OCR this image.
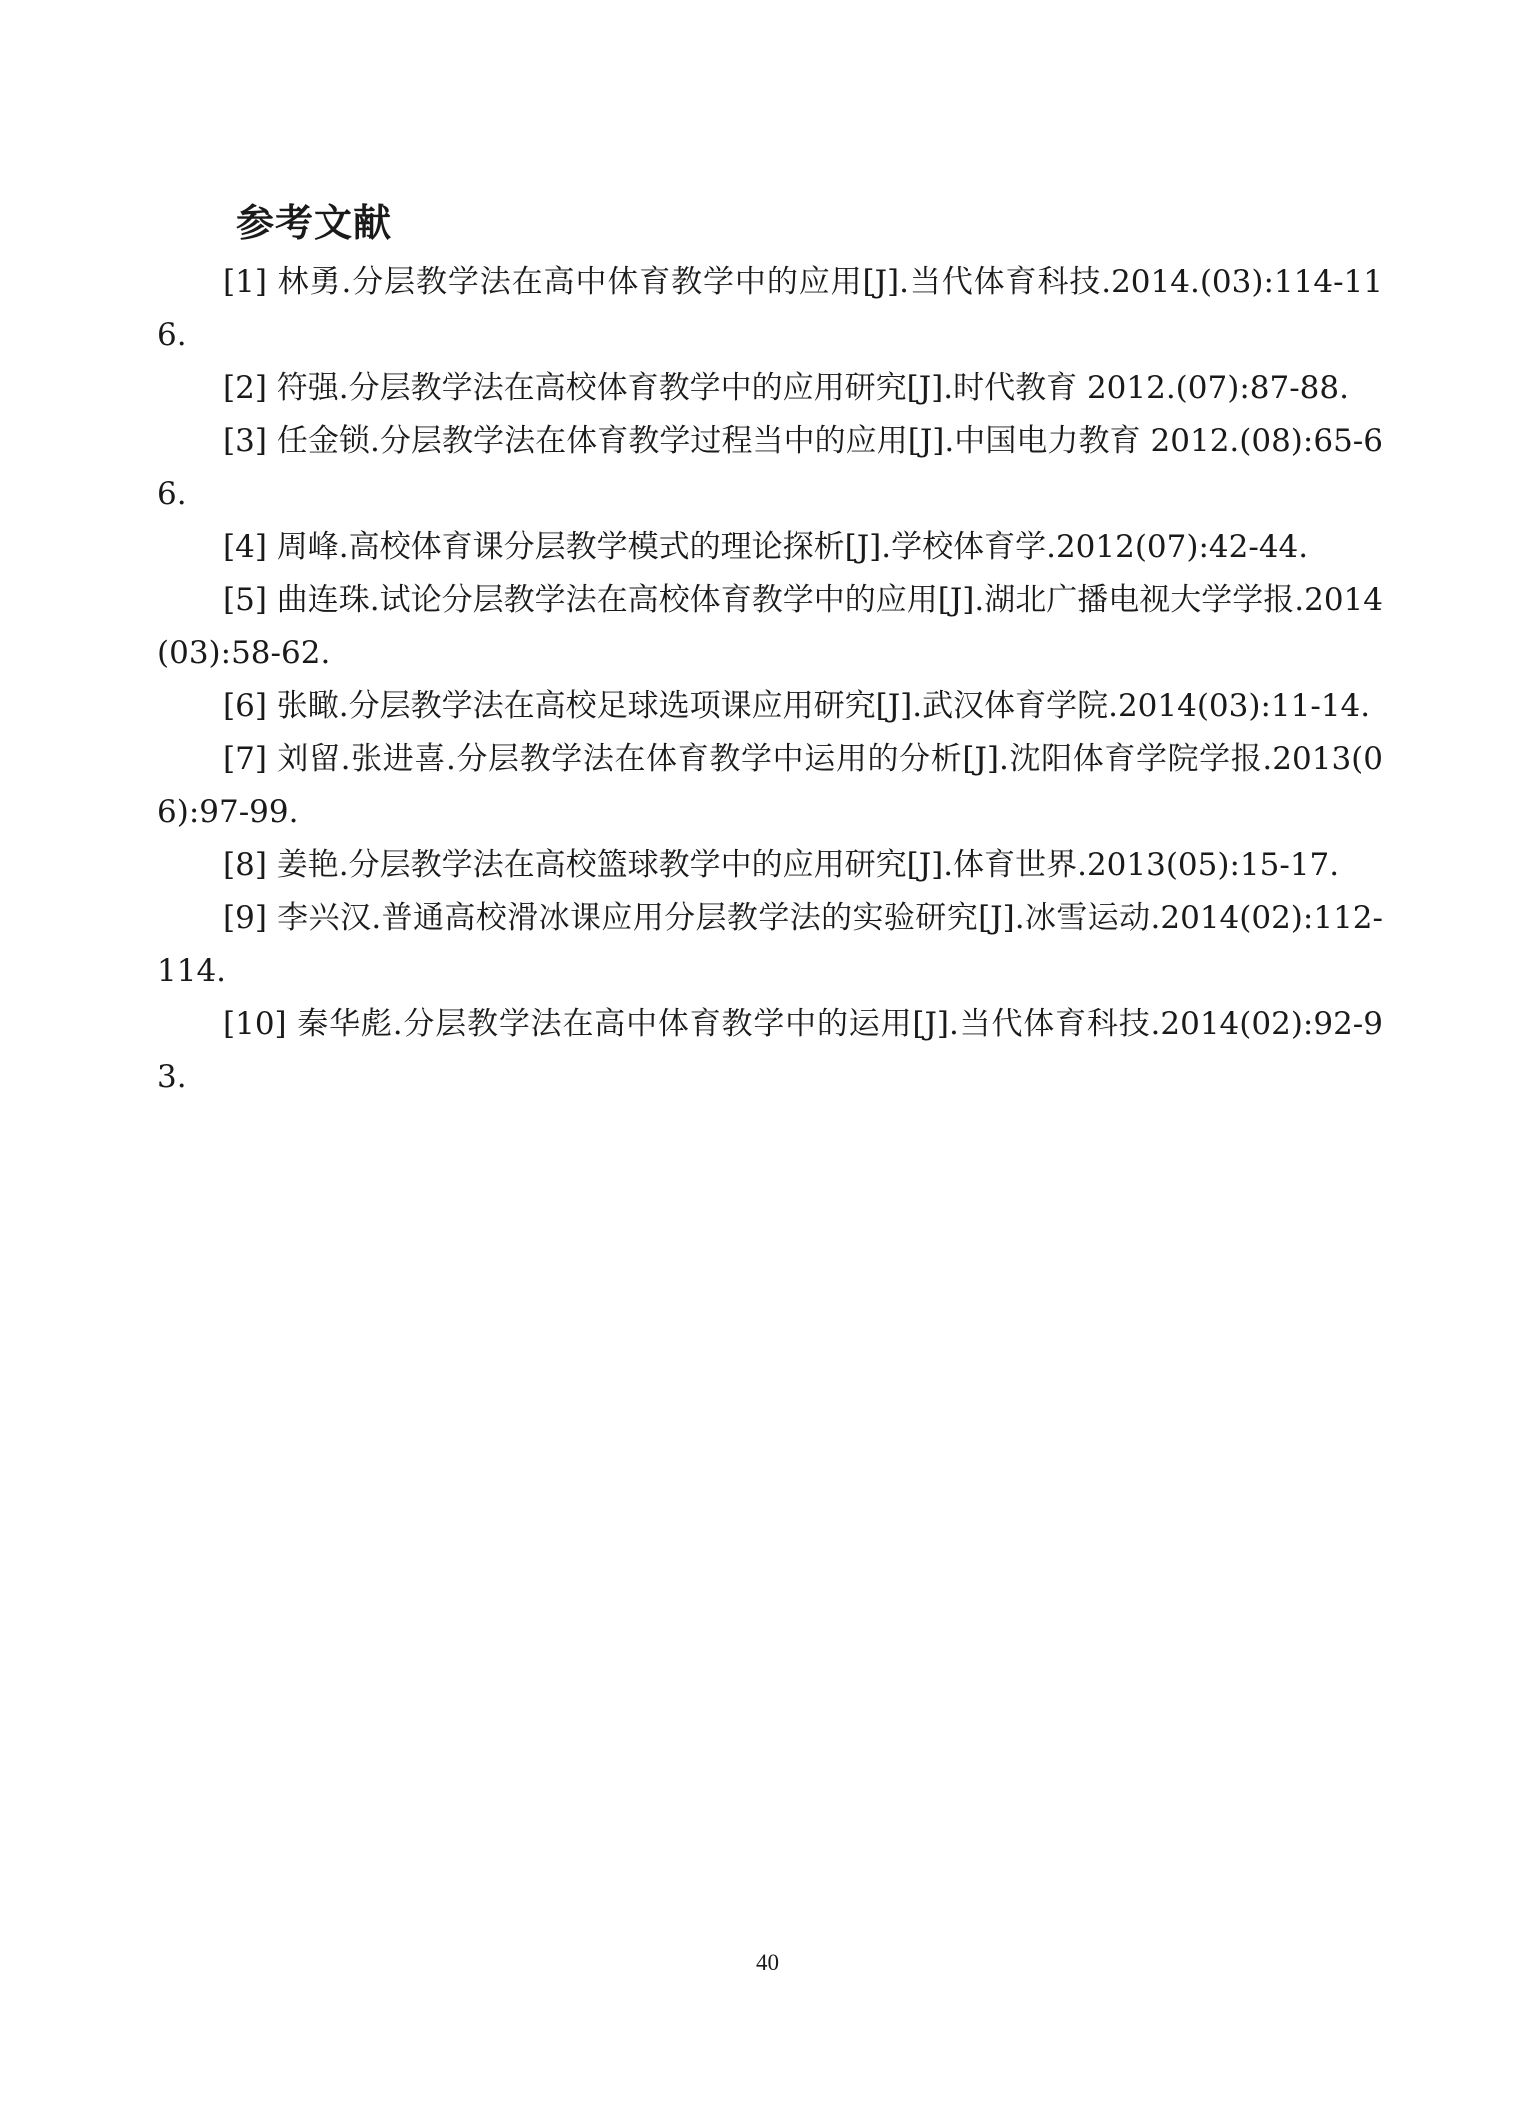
参考文献
[1] 林勇.分层教学法在高中体育教学中的应用[J].当代体育科技.2014.(03):114-116.
[2] 符强.分层教学法在高校体育教学中的应用研究[J].时代教育 2012.(07):87-88.
[3] 任金锁.分层教学法在体育教学过程当中的应用[J].中国电力教育 2012.(08):65-66.
[4] 周峰.高校体育课分层教学模式的理论探析[J].学校体育学.2012(07):42-44.
[5] 曲连珠.试论分层教学法在高校体育教学中的应用[J].湖北广播电视大学学报.2014(03):58-62.
[6] 张瞰.分层教学法在高校足球选项课应用研究[J].武汉体育学院.2014(03):11-14.
[7] 刘留.张进喜.分层教学法在体育教学中运用的分析[J].沈阳体育学院学报.2013(06):97-99.
[8] 姜艳.分层教学法在高校篮球教学中的应用研究[J].体育世界.2013(05):15-17.
[9] 李兴汉.普通高校滑冰课应用分层教学法的实验研究[J].冰雪运动.2014(02):112-114.
[10] 秦华彪.分层教学法在高中体育教学中的运用[J].当代体育科技.2014(02):92-93.
40
